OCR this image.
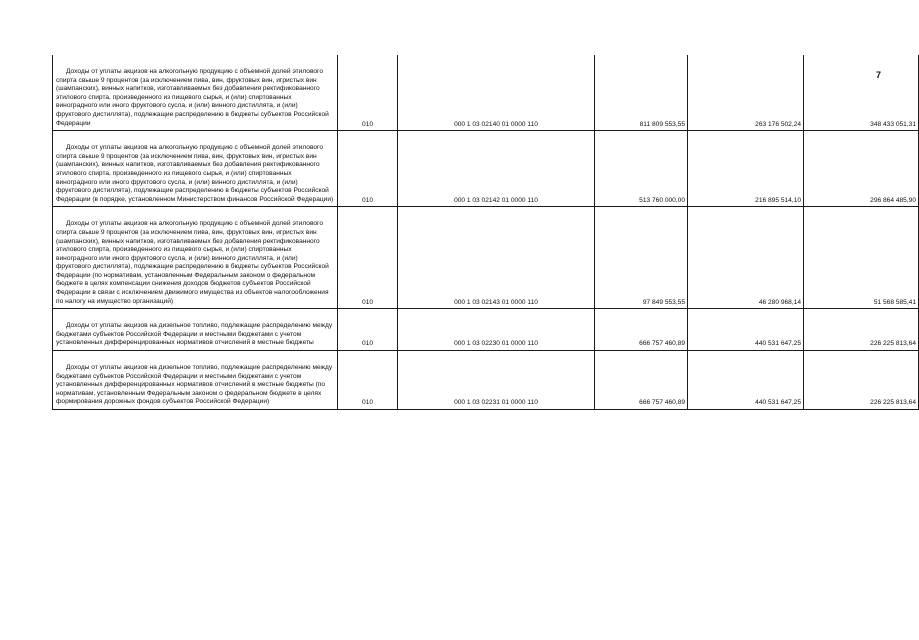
7
Доходы от уплаты акцизов на алкогольную продукцию с объемной долей этилового спирта свыше 9 процентов (за исключением пива, вин, фруктовых вин, игристых вин (шампанских), винных напитков, изготавливаемых без добавления ректификованного этилового спирта, произведенного из пищевого сырья, и (или) спиртованных виноградного или иного фруктового сусла, и (или) винного дистиллята, и (или) фруктового дистиллята), подлежащие распределению в бюджеты субъектов Российской Федерации	010	000 1 03 02140 01 0000 110	811 809 553,55	263 176 502,24	348 433 051,31
Доходы от уплаты акцизов на алкогольную продукцию с объемной долей этилового спирта свыше 9 процентов (за исключением пива, вин, фруктовых вин, игристых вин (шампанских), винных напитков, изготавливаемых без добавления ректификованного этилового спирта, произведенного из пищевого сырья, и (или) спиртованных виноградного или иного фруктового сусла, и (или) винного дистиллята, и (или) фруктового дистиллята), подлежащие распределению в бюджеты субъектов Российской Федерации (в порядке, установленном Министерством финансов Российской Федерации)	010	000 1 03 02142 01 0000 110	513 760 000,00	216 895 514,10	296 864 485,90
Доходы от уплаты акцизов на алкогольную продукцию с объемной долей этилового спирта свыше 9 процентов (за исключением пива, вин, фруктовых вин, игристых вин (шампанских), винных напитков, изготавливаемых без добавления ректификованного этилового спирта, произведенного из пищевого сырья, и (или) спиртованных виноградного или иного фруктового сусла, и (или) винного дистиллята, и (или) фруктового дистиллята), подлежащие распределению в бюджеты субъектов Российской Федерации (по нормативам, установленным Федеральным законом о федеральном бюджете в целях компенсации снижения доходов бюджетов субъектов Российской Федерации в связи с исключением движимого имущества из объектов налогообложения по налогу на имущество организаций)	010	000 1 03 02143 01 0000 110	97 849 553,55	46 280 968,14	51 568 585,41
Доходы от уплаты акцизов на дизельное топливо, подлежащие распределению между бюджетами субъектов Российской Федерации и местными бюджетами с учетом установленных дифференцированных нормативов отчислений в местные бюджеты	010	000 1 03 02230 01 0000 110	666 757 460,89	440 531 647,25	226 225 813,64
Доходы от уплаты акцизов на дизельное топливо, подлежащие распределению между бюджетами субъектов Российской Федерации и местными бюджетами с учетом установленных дифференцированных нормативов отчислений в местные бюджеты (по нормативам, установленным Федеральным законом о федеральном бюджете в целях формирования дорожных фондов субъектов Российской Федерации)	010	000 1 03 02231 01 0000 110	666 757 460,89	440 531 647,25	226 225 813,64
